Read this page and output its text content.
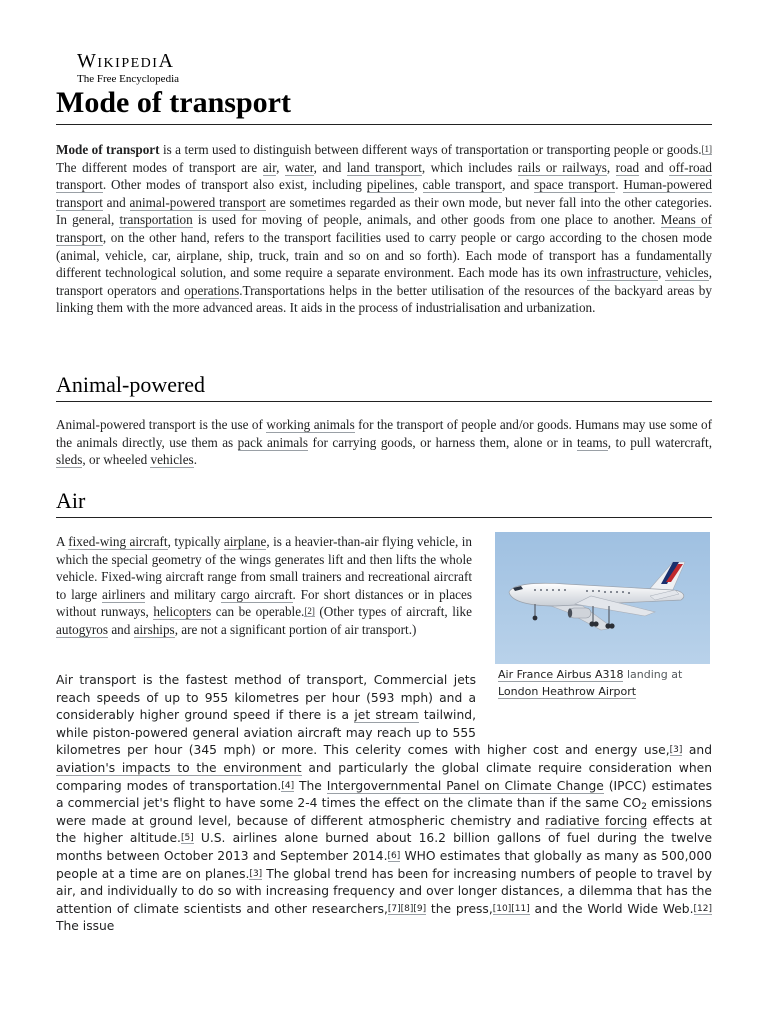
WikipediA
The Free Encyclopedia
Mode of transport

Mode of transport is a term used to distinguish between different ways of transportation or transporting people or goods.[1] The different modes of transport are air, water, and land transport, which includes rails or railways, road and off-road transport. Other modes of transport also exist, including pipelines, cable transport, and space transport. Human-powered transport and animal-powered transport are sometimes regarded as their own mode, but never fall into the other categories. In general, transportation is used for moving of people, animals, and other goods from one place to another. Means of transport, on the other hand, refers to the transport facilities used to carry people or cargo according to the chosen mode (animal, vehicle, car, airplane, ship, truck, train and so on and so forth). Each mode of transport has a fundamentally different technological solution, and some require a separate environment. Each mode has its own infrastructure, vehicles, transport operators and operations.Transportations helps in the better utilisation of the resources of the backyard areas by linking them with the more advanced areas. It aids in the process of industrialisation and urbanization.

Animal-powered

Animal-powered transport is the use of working animals for the transport of people and/or goods. Humans may use some of the animals directly, use them as pack animals for carrying goods, or harness them, alone or in teams, to pull watercraft, sleds, or wheeled vehicles.

Air
Air France Airbus A318 landing at London Heathrow Airport

A fixed-wing aircraft, typically airplane, is a heavier-than-air flying vehicle, in which the special geometry of the wings generates lift and then lifts the whole vehicle. Fixed-wing aircraft range from small trainers and recreational aircraft to large airliners and military cargo aircraft. For short distances or in places without runways, helicopters can be operable.[2] (Other types of aircraft, like autogyros and airships, are not a significant portion of air transport.)

Air transport is the fastest method of transport, Commercial jets reach speeds of up to 955 kilometres per hour (593 mph) and a considerably higher ground speed if there is a jet stream tailwind, while piston-powered general aviation aircraft may reach up to 555 kilometres per hour (345 mph) or more. This celerity comes with higher cost and energy use,[3] and aviation's impacts to the environment and particularly the global climate require consideration when comparing modes of transportation.[4] The Intergovernmental Panel on Climate Change (IPCC) estimates a commercial jet's flight to have some 2-4 times the effect on the climate than if the same $CO_2$ emissions were made at ground level, because of different atmospheric chemistry and radiative forcing effects at the higher altitude.[5] U.S. airlines alone burned about 16.2 billion gallons of fuel during the twelve months between October 2013 and September 2014.[6] WHO estimates that globally as many as 500,000 people at a time are on planes.[3] The global trend has been for increasing numbers of people to travel by air, and individually to do so with increasing frequency and over longer distances, a dilemma that has the attention of climate scientists and other researchers,[7][8][9] the press,[10][11] and the World Wide Web.[12] The issue
